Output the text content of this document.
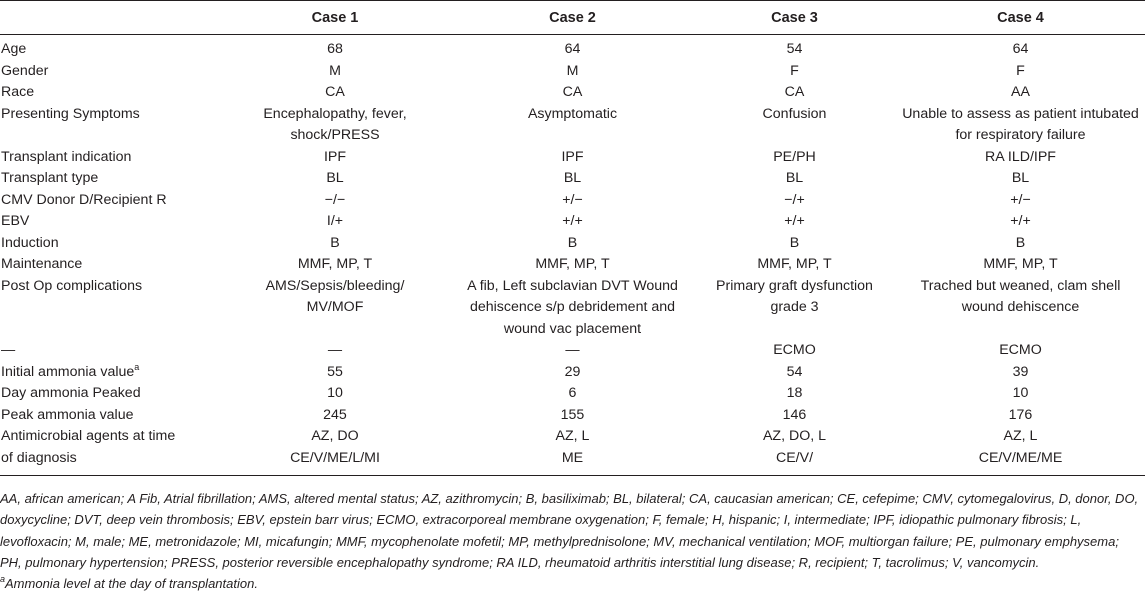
	Case 1	Case 2	Case 3	Case 4
Age	68	64	54	64
Gender	M	M	F	F
Race	CA	CA	CA	AA
Presenting Symptoms	Encephalopathy, fever, shock/PRESS	Asymptomatic	Confusion	Unable to assess as patient intubated for respiratory failure
Transplant indication	IPF	IPF	PE/PH	RA ILD/IPF
Transplant type	BL	BL	BL	BL
CMV Donor D/Recipient R	−/−	+/−	−/+	+/−
EBV	I/+	+/+	+/+	+/+
Induction	B	B	B	B
Maintenance	MMF, MP, T	MMF, MP, T	MMF, MP, T	MMF, MP, T
Post Op complications	AMS/Sepsis/bleeding/ MV/MOF	A fib, Left subclavian DVT Wound dehiscence s/p debridement and wound vac placement	Primary graft dysfunction grade 3	Trached but weaned, clam shell wound dehiscence
—	—	—	ECMO	ECMO
Initial ammonia value$^a$	55	29	54	39
Day ammonia Peaked	10	6	18	10
Peak ammonia value	245	155	146	176
Antimicrobial agents at time	AZ, DO	AZ, L	AZ, DO, L	AZ, L
of diagnosis	CE/V/ME/L/MI	ME	CE/V/	CE/V/ME/ME

AA, african american; A Fib, Atrial fibrillation; AMS, altered mental status; AZ, azithromycin; B, basiliximab; BL, bilateral; CA, caucasian american; CE, cefepime; CMV, cytomegalovirus, D, donor, DO, doxycycline; DVT, deep vein thrombosis; EBV, epstein barr virus; ECMO, extracorporeal membrane oxygenation; F, female; H, hispanic; I, intermediate; IPF, idiopathic pulmonary fibrosis; L, levofloxacin; M, male; ME, metronidazole; MI, micafungin; MMF, mycophenolate mofetil; MP, methylprednisolone; MV, mechanical ventilation; MOF, multiorgan failure; PE, pulmonary emphysema; PH, pulmonary hypertension; PRESS, posterior reversible encephalopathy syndrome; RA ILD, rheumatoid arthritis interstitial lung disease; R, recipient; T, tacrolimus; V, vancomycin.

$^a$Ammonia level at the day of transplantation.
